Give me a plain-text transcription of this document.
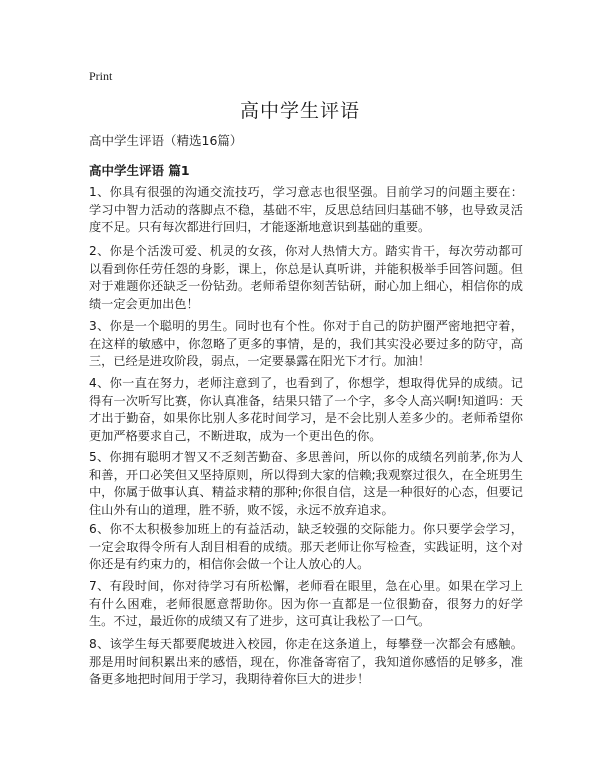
Print
高中学生评语

高中学生评语（精选16篇）

高中学生评语 篇1

1、你具有很强的沟通交流技巧，学习意志也很坚强。目前学习的问题主要在：学习中智力活动的落脚点不稳，基础不牢，反思总结回归基础不够，也导致灵活度不足。只有每次都进行回归，才能逐渐地意识到基础的重要。

2、你是个活泼可爱、机灵的女孩，你对人热情大方。踏实肯干，每次劳动都可以看到你任劳任怨的身影，课上，你总是认真听讲，并能积极举手回答问题。但对于难题你还缺乏一份钻劲。老师希望你刻苦钻研，耐心加上细心，相信你的成绩一定会更加出色！

3、你是一个聪明的男生。同时也有个性。你对于自己的防护圈严密地把守着，在这样的敏感中，你忽略了更多的事情，是的，我们其实没必要过多的防守，高三，已经是进攻阶段，弱点，一定要暴露在阳光下才行。加油！

4、你一直在努力，老师注意到了，也看到了，你想学，想取得优异的成绩。记得有一次听写比赛，你认真准备，结果只错了一个字，多令人高兴啊!知道吗：天才出于勤奋，如果你比别人多花时间学习，是不会比别人差多少的。老师希望你更加严格要求自己，不断进取，成为一个更出色的你。

5、你拥有聪明才智又不乏刻苦勤奋、多思善问，所以你的成绩名列前茅,你为人和善，开口必笑但又坚持原则，所以得到大家的信赖;我观察过很久，在全班男生中，你属于做事认真、精益求精的那种;你很自信，这是一种很好的心态，但要记住山外有山的道理，胜不骄，败不馁，永远不放弃追求。

6、你不太积极参加班上的有益活动，缺乏较强的交际能力。你只要学会学习，一定会取得令所有人刮目相看的成绩。那天老师让你写检查，实践证明，这个对你还是有约束力的，相信你会做一个让人放心的人。

7、有段时间，你对待学习有所松懈，老师看在眼里，急在心里。如果在学习上有什么困难，老师很愿意帮助你。因为你一直都是一位很勤奋，很努力的好学生。不过，最近你的成绩又有了进步，这可真让我松了一口气。

8、该学生每天都要爬坡进入校园，你走在这条道上，每攀登一次都会有感触。那是用时间积累出来的感悟，现在，你准备寄宿了，我知道你感悟的足够多，准备更多地把时间用于学习，我期待着你巨大的进步！
